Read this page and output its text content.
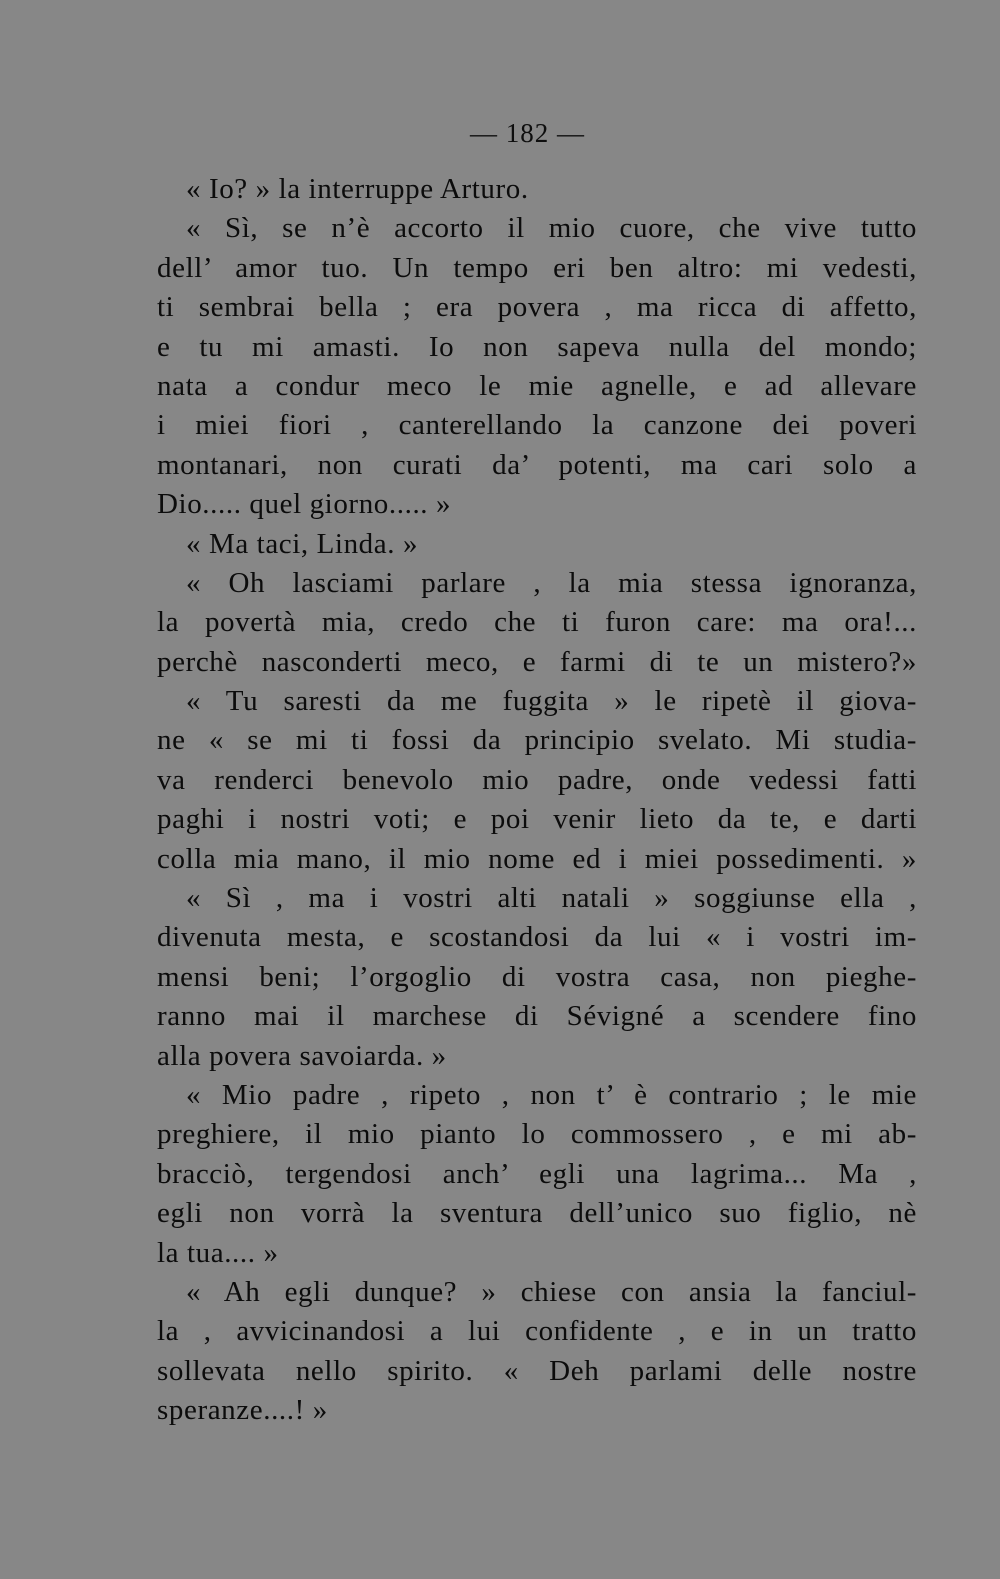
— 182 —
« Io? » la interruppe Arturo.
« Sì, se n’è accorto il mio cuore, che vive tutto
dell’ amor tuo. Un tempo eri ben altro: mi vedesti,
ti sembrai bella ; era povera , ma ricca di affetto,
e tu mi amasti. Io non sapeva nulla del mondo;
nata a condur meco le mie agnelle, e ad allevare
i miei fiori , canterellando la canzone dei poveri
montanari, non curati da’ potenti, ma cari solo a
Dio..... quel giorno..... »
« Ma taci, Linda. »
« Oh lasciami parlare , la mia stessa ignoranza,
la povertà mia, credo che ti furon care: ma ora!...
perchè nasconderti meco, e farmi di te un mistero?»
« Tu saresti da me fuggita » le ripetè il giova-
ne « se mi ti fossi da principio svelato. Mi studia-
va renderci benevolo mio padre, onde vedessi fatti
paghi i nostri voti; e poi venir lieto da te, e darti
colla mia mano, il mio nome ed i miei possedimenti. »
« Sì , ma i vostri alti natali » soggiunse ella ,
divenuta mesta, e scostandosi da lui « i vostri im-
mensi beni; l’orgoglio di vostra casa, non pieghe-
ranno mai il marchese di Sévigné a scendere fino
alla povera savoiarda. »
« Mio padre , ripeto , non t’ è contrario ; le mie
preghiere, il mio pianto lo commossero , e mi ab-
bracciò, tergendosi anch’ egli una lagrima... Ma ,
egli non vorrà la sventura dell’unico suo figlio, nè
la tua.... »
« Ah egli dunque? » chiese con ansia la fanciul-
la , avvicinandosi a lui confidente , e in un tratto
sollevata nello spirito. « Deh parlami delle nostre
speranze....! »
